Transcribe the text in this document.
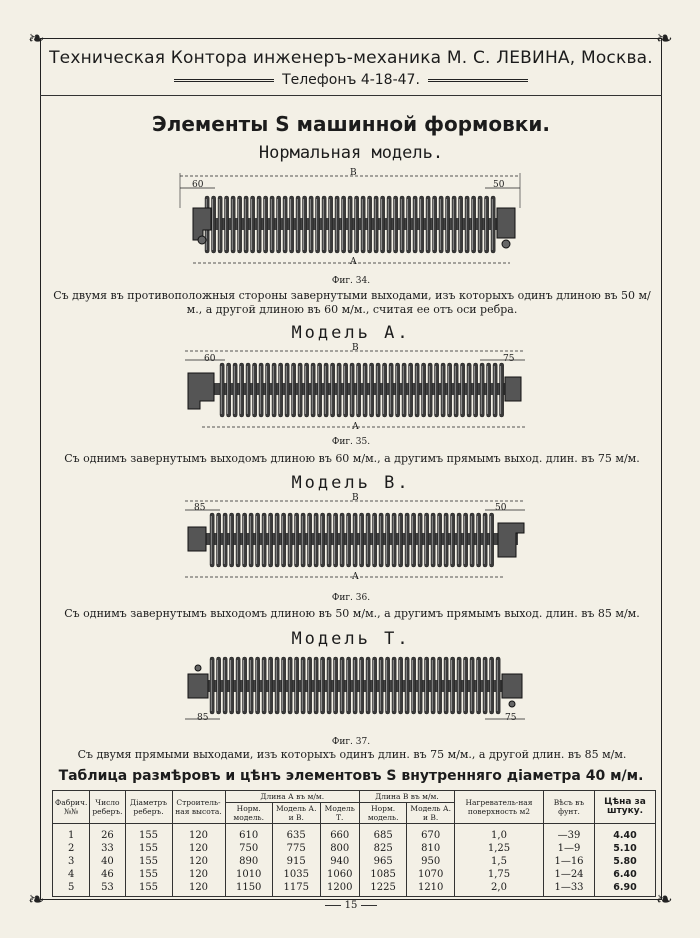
❧	❧
❧	❧
Техническая Контора инженеръ-механика М. С. ЛЕВИНА, Москва.
Телефонъ 4-18-47.
Элементы S машинной формовки.
Нормальная модель.
60	50
В
А
Фиг. 34.
Съ двумя въ противоположныя стороны завернутыми выходами, изъ которыхъ одинъ длиною въ 50 м/м., а другой длиною въ 60 м/м., считая ее отъ оси ребра.
Модель А.
60	75
В
А
Фиг. 35.
Съ однимъ завернутымъ выходомъ длиною въ 60 м/м., а другимъ прямымъ выход. длин. въ 75 м/м.
Модель В.
85	50
В
А
Фиг. 36.
Съ однимъ завернутымъ выходомъ длиною въ 50 м/м., а другимъ прямымъ выход. длин. въ 85 м/м.
Модель Т.
85	75
Фиг. 37.
Съ двумя прямыми выходами, изъ которыхъ одинъ длин. въ 75 м/м., а другой длин. въ 85 м/м.
Таблица размѣровъ и цѣнъ элементовъ S внутренняго діаметра 40 м/м.
Фабрич. №№	Число реберъ.	Діаметръ реберъ.	Строитель-ная высота.	Длина А въ м/м.			Длина В въ м/м.		Нагреватель-ная поверхность м2	Вѣсъ въ фунт.	Цѣна за штуку.
				Норм. модель.	Модель А. и В.	Модель Т.	Норм. модель.	Модель А. и В.			
1	26	155	120	610	635	660	685	670	1,0	—39	4.40
2	33	155	120	750	775	800	825	810	1,25	1—9	5.10
3	40	155	120	890	915	940	965	950	1,5	1—16	5.80
4	46	155	120	1010	1035	1060	1085	1070	1,75	1—24	6.40
5	53	155	120	1150	1175	1200	1225	1210	2,0	1—33	6.90
15
